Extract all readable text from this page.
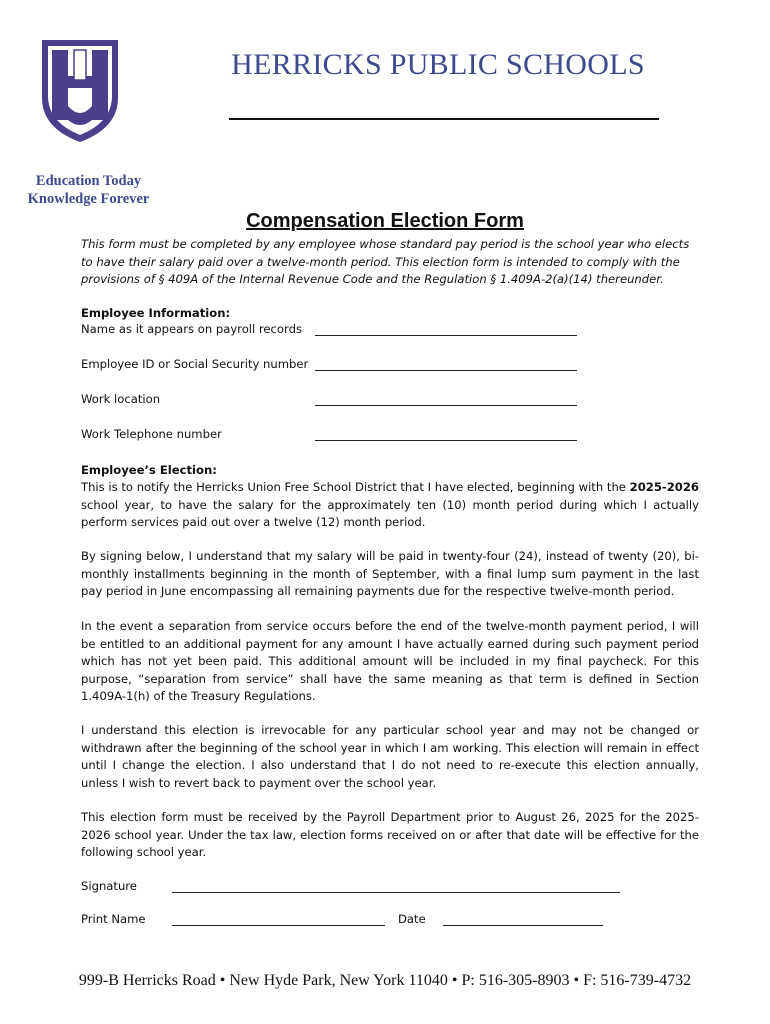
HERRICKS PUBLIC SCHOOLS
Education Today
Knowledge Forever
Compensation Election Form
This form must be completed by any employee whose standard pay period is the school year who elects to have their salary paid over a twelve-month period. This election form is intended to comply with the provisions of § 409A of the Internal Revenue Code and the Regulation § 1.409A-2(a)(14) thereunder.
Employee Information:
Name as it appears on payroll records
Employee ID or Social Security number
Work location
Work Telephone number
Employee’s Election:

This is to notify the Herricks Union Free School District that I have elected, beginning with the 2025-2026 school year, to have the salary for the approximately ten (10) month period during which I actually perform services paid out over a twelve (12) month period.

By signing below, I understand that my salary will be paid in twenty-four (24), instead of twenty (20), bi-monthly installments beginning in the month of September, with a final lump sum payment in the last pay period in June encompassing all remaining payments due for the respective twelve-month period.

In the event a separation from service occurs before the end of the twelve-month payment period, I will be entitled to an additional payment for any amount I have actually earned during such payment period which has not yet been paid. This additional amount will be included in my final paycheck. For this purpose, “separation from service” shall have the same meaning as that term is defined in Section 1.409A-1(h) of the Treasury Regulations.

I understand this election is irrevocable for any particular school year and may not be changed or withdrawn after the beginning of the school year in which I am working. This election will remain in effect until I change the election. I also understand that I do not need to re-execute this election annually, unless I wish to revert back to payment over the school year.

This election form must be received by the Payroll Department prior to August 26, 2025 for the 2025-2026 school year. Under the tax law, election forms received on or after that date will be effective for the following school year.

Signature
Print Name	Date
999-B Herricks Road • New Hyde Park, New York 11040 • P: 516-305-8903 • F: 516-739-4732
